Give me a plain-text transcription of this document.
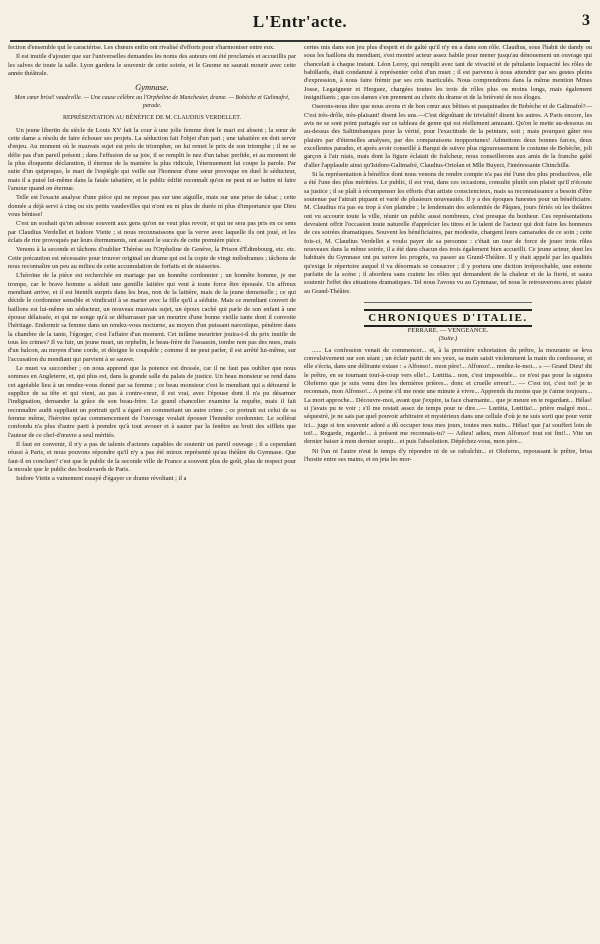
L'Entr'acte.	3

fection d'ensemble qui le caractérise. Les chœurs enfin ont rivalisé d'efforts pour s'harmoniser entre eux.

Il est inutile d'ajouter que sur l'universelles demandes les noms des auteurs ont été proclamés et accueillis par les salves de toute la salle. Lyon gardera le souvenir de cette soirée, et le Gnome ne saurait mourir avec cette année théâtrale.

Gymnase.
Mon cœur brisé! vaudeville. — Une cause célèbre au l'Orpheline de Manchester, drame. — Bobèche et Galimafré, parade.
REPRÉSENTATION AU BÉNÉFICE DE M. CLAUDIUS VERDELLET.

Un jeune libertin du siècle de Louis XV fait la cour à une jolie femme dont le mari est absent ; la sœur de cette dame a résolu de faire échouer ses projets. La séduction fait l'objet d'un pari ; une tabatière en doit servir d'enjeu. Au moment où le mauvais sujet est près de triompher, on lui remet le prix de son triomphe ; il ne se défie pas d'un pareil présent ; dans l'effusion de sa joie, il se remplit le nez d'un tabac perfide, et au moment de la plus éloquente déclaration, il éternue de la manière la plus ridicule, l'éternuement lui coupe la parole. Par suite d'un quiproquo, le mari de l'espiègle qui veille sur l'honneur d'une sœur provoque en duel le séducteur, mais il a puisé lui-même dans la fatale tabatière, et le public édifié reconnaît qu'on ne peut ni se battre ni faire l'amour quand on éternue.

Telle est l'exacte analyse d'une pièce qui ne repose pas sur une aiguille, mais sur une prise de tabac ; cette donnée a déjà servi à cinq ou six petits vaudevilles qui n'ont eu ni plus de durée ni plus d'importance que Dieu vous bénisse!

C'est un souhait qu'on adresse souvent aux gens qu'on ne veut plus revoir, et qui ne sera pas pris en ce sens par Claudius Verdellet et Isidore Viette ; si nous reconnaissons que la verve avec laquelle ils ont joué, et les éclats de rire provoqués par leurs éternuments, ont assuré le succès de cette première pièce.

Venons à la seconde et tâchons d'oublier Thérèse ou l'Orpheline de Genève, la Prison d'Édimbourg, etc. etc. Cette précaution est nécessaire pour trouver original un drame qui est la copie de vingt mélodrames ; tâchons de nous reconnaître un peu au milieu de cette accumulation de forfaits et de niaiseries.

L'héroïne de la pièce est recherchée en mariage par un honnête cordonnier ; un honnête homme, je me trompe, car le brave homme a séduit une gentille laitière qui veut à toute force être épousée. Un affreux mendiant arrive, et il est bientôt surpris dans les bras, non de la laitière, mais de la jeune demoiselle ; ce qui décide le cordonnier sensible et vindicatif à se marier avec la fille qu'il a séduite. Mais ce mendiant couvert de haillons est lui-même un séducteur, un nouveau mauvais sujet, un époux caché qui parle de son enfant à une épouse délaissée, et qui ne songe qu'à se débarrasser par un meurtre d'une bonne vieille tante dont il convoite l'héritage. Endormir sa femme dans un rendez-vous nocturne, au moyen d'un puissant narcotique, pénétrer dans la chambre de la tante, l'égorger, c'est l'affaire d'un moment. Cet infâme meurtrier jouira-t-il du prix inutile de tous les crimes? Il va fuir, un jeune muet, un orphelin, le beau-frère de l'assassin, tombe non pas des nues, mais d'un balcon, au moyen d'une corde, et désigne le coupable ; comme il ne peut parler, il est arrêté lui-même, sur l'accusation du mendiant qui parvient à se sauver.

Le muet va succomber ; on nous apprend que la potence est dressée, car il ne faut pas oublier que nous sommes en Angleterre, et, qui plus est, dans la grande salle du palais de justice. Un beau monsieur se rend dans cet agréable lieu à un rendez-vous donné par sa femme ; ce beau monsieur c'est le mendiant qui a détourné le supplice de sa tête et qui vient, au pas à contre-cœur, il est vrai, avec l'épouse dont il n'a pu désarmer l'indignation, demander la grâce de son beau-frère. Le grand chancelier examine la requête, mais il fait reconnaître audit suppliant un portrait qu'il a égaré en commettant un autre crime ; ce portrait est celui de sa femme même, l'héroïne qu'au commencement de l'ouvrage voulait épouser l'honnête cordonnier. Le scélérat confondu n'a plus d'autre parti à prendre qu'à tout avouer et à sauter par la fenêtre au bruit des sifflets que l'auteur de ce chef-d'œuvre a seul mérités.

Il faut en convenir, il n'y a pas de talents d'acteurs capables de soutenir un pareil ouvrage ; il a cependant réussi à Paris, et nous pouvons répondre qu'il n'y a pas été mieux représenté qu'au théâtre du Gymnase. Que faut-il en conclure? c'est que le public de la seconde ville de France a souvent plus de goût, plus de respect pour la morale que le public des boulevards de Paris.

Isidore Viette a vainement essayé d'égayer ce drame révoltant ; il a

certes mis dans son jeu plus d'esprit et de gaîté qu'il n'y en a dans son rôle. Claudius, sous l'habit de dandy ou sous les haillons du mendiant, s'est montré acteur assez habile pour mener jusqu'au dénouement un ouvrage qui chancelait à chaque instant. Léon Leroy, qui remplit avec tant de vivacité et de pétulante loquacité les rôles de babillards, était condamné à représenter celui d'un muet ; il est parvenu à nous attendrir par ses gestes pleins d'expression, à nous faire frémir par ses cris inarticulés. Nous comprendrons dans la même mention Mmes Josse, Legaigneur et Herguez, chargées toutes les trois de rôles plus ou moins longs, mais également insignifiants ; que ces dames s'en prennent au choix du drame et de la brièveté de nos éloges.

Oserons-nous dire que nous avons ri de bon cœur aux bêtises et pasquinades de Bobèche et de Galimafré?—C'est très-drôle, très-plaisant! disent les uns.—C'est dégoûtant de trivialité! disent les autres. A Paris encore, les avis ne se sont point partagés sur ce tableau de genre qui est réellement amusant. Qu'on le mette au-dessous ou au-dessus des Saltimbanques pour la vérité, pour l'exactitude de la peinture, soit ; mais pourquoi gâter nos plaisirs par d'éternelles analyses, par des comparaisons inopportunes! Admettons deux bonnes farces, deux excellentes parades, et après avoir conseillé à Barqui de suivre plus rigoureusement le costume de Bobèche, joli garçon à l'air niais, mais dont la figure éclatait de fraîcheur, nous conseillerons aux amis de la franche gaîté d'aller l'applaudir ainsi qu'Isidore-Galimafré, Claudius-Ortolan et Mlle Buyect, l'intéressante Chinchilla.

Si la représentation à bénéfice dont nous venons de rendre compte n'a pas été l'une des plus productives, elle a été l'une des plus méritées. Le public, il est vrai, dans ces occasions, consulte plutôt son plaisir qu'il n'écoute sa justice ; il se plaît à récompenser les efforts d'un artiste consciencieux, mais sa reconnaissance a besoin d'être soutenue par l'attrait piquant et varié de plusieurs nouveautés. Il y a des époques funestes pour un bénéficiaire. M. Claudius n'a pas eu trop à s'en plaindre ; le lendemain des solennités de Pâques, jours fériés où les théâtres ont vu accourir toute la ville, réunir un public aussi nombreux, c'est presque du bonheur. Ces représentations devraient offrir l'occasion toute naturelle d'apprécier les titres et le talent de l'acteur qui doit faire les honneurs de ces soirées dramatiques. Souvent les bénéficiaires, par modestie, chargent leurs camarades de ce soin ; cette fois-ci, M. Claudius Verdellet a voulu payer de sa personne : c'était un tour de force de jouer trois rôles nouveaux dans la même soirée, il a été dans chacun des trois également bien accueilli. Ce jeune acteur, dont les habitués du Gymnase ont pu suivre les progrès, va passer au Grand-Théâtre. Il y était appelé par les qualités qu'exige le répertoire auquel il va désormais se consacrer ; il y portera une diction irréprochable, une entente parfaite de la scène ; il abordera sans crainte les rôles qui demandent de la chaleur et de la fierté, et saura soutenir l'effet des situations dramatiques. Tel nous l'avons vu au Gymnase, tel nous le retrouverons avec plaisir au Grand-Théâtre.

CHRONIQUES D'ITALIE.
FERRARE. — VENGEANCE.
(Suite.)

...... La confession venait de commencer... et, à la première exhortation du prêtre, la mourante se leva convulsivement sur son séant ; un éclair partit de ses yeux, sa main saisit violemment la main du confesseur, et elle s'écria, dans une délirante extase : « Alfonso!.. mon père!... Alfonso!... rendez-le-moi... » — Grand Dieu! dit le prêtre, en se tournant tout-à-coup vers elle!... Lœtitia... non, c'est impossible... ce n'est pas pour la signora Oloferno que je suis venu dire les dernières prières... donc et cruelle erreur!... — C'est toi, c'est toi! je te reconnais, mon Alfonso!... A peine s'il me reste une minute à vivre... Apprends du moins que je t'aime toujours... La mort approche... Découvre-moi, avant que j'expire, ta face charmante... que je meure en te regardant... Hélas! si j'avais pu te voir ; s'il me restait assez de temps pour te dire...— Lœtitia, Lœtitia!... prière malgré moi... séquestré, je ne sais par quel pouvoir arbitraire et mystérieux dans une cellule d'où je ne suis sorti que pour venir ici... juge si ton souvenir adoré a dû occuper tous mes jours, toutes mes nuits... Hélas! que j'ai souffert loin de toi!... Regarde, regarde!... à présent me reconnais-tu? — Adieu! adieu, mon Alfonso! tout est fini!... Vite un dernier baiser à mon dernier soupir... et puis l'absolution. Dépêchez-vous, mon père...

Ni l'un ni l'autre n'eut le temps d'y répondre ni de se rafraîchir... et Oloferno, repoussant le prêtre, brisa l'hostie entre ses mains, et en jeta les mor-
